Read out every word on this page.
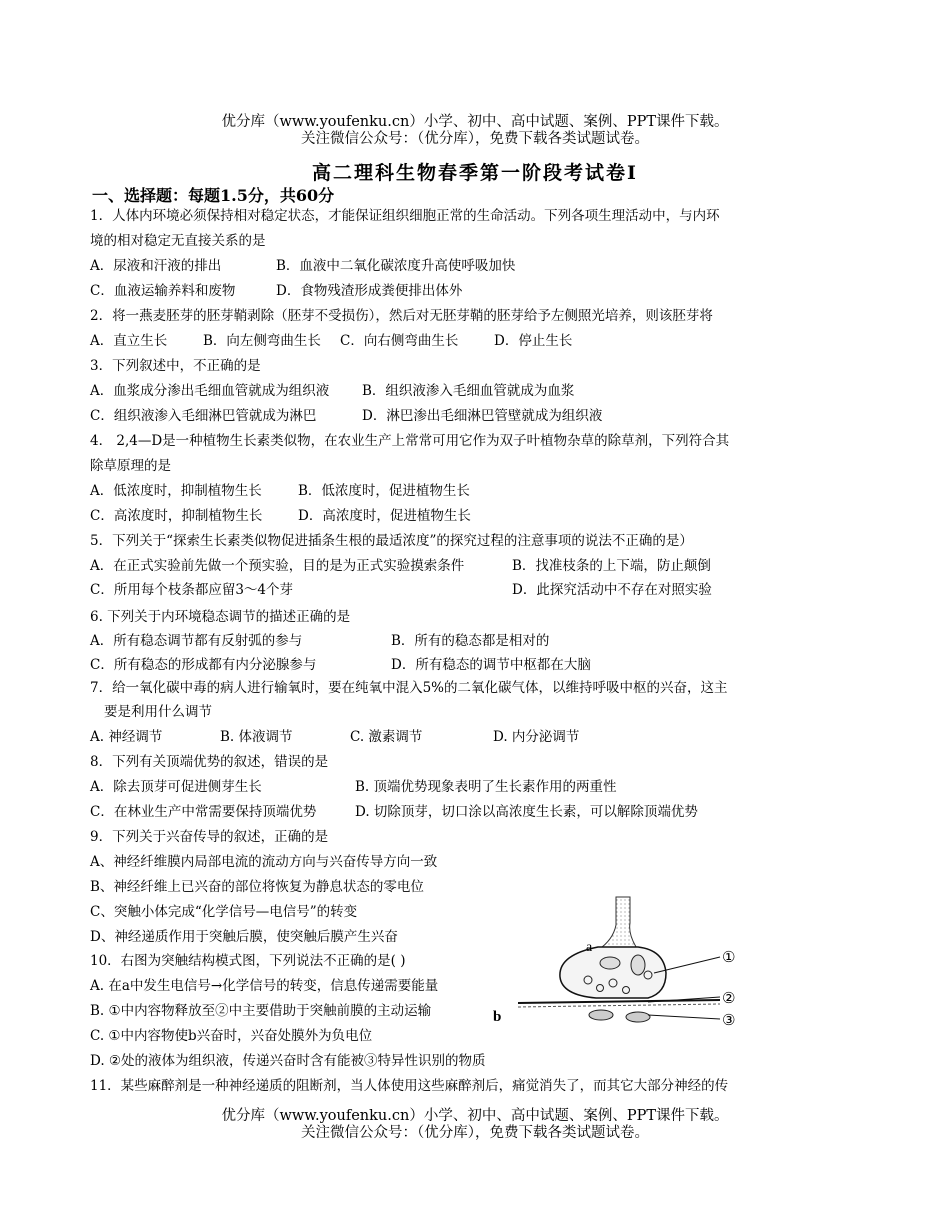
优分库（www.youfenku.cn）小学、初中、高中试题、案例、PPT课件下载。
关注微信公众号：（优分库），免费下载各类试题试卷。
高二理科生物春季第一阶段考试卷Ⅰ
一、选择题：每题1.5分，共60分
1．人体内环境必须保持相对稳定状态，才能保证组织细胞正常的生命活动。下列各项生理活动中，与内环
境的相对稳定无直接关系的是
A．尿液和汗液的排出	B．血液中二氧化碳浓度升高使呼吸加快
C．血液运输养料和废物	D．食物残渣形成粪便排出体外
2．将一燕麦胚芽的胚芽鞘剥除（胚芽不受损伤），然后对无胚芽鞘的胚芽给予左侧照光培养，则该胚芽将
A．直立生长	B．向左侧弯曲生长 C．向右侧弯曲生长	D．停止生长
3．下列叙述中，不正确的是
A．血浆成分渗出毛细血管就成为组织液 B．组织液渗入毛细血管就成为血浆
C．组织液渗入毛细淋巴管就成为淋巴	D．淋巴渗出毛细淋巴管壁就成为组织液
4． 2,4—D是一种植物生长素类似物，在农业生产上常常可用它作为双子叶植物杂草的除草剂，下列符合其
除草原理的是
A．低浓度时，抑制植物生长	B．低浓度时，促进植物生长
C．高浓度时，抑制植物生长	D．高浓度时，促进植物生长
5．下列关于“探索生长素类似物促进插条生根的最适浓度”的探究过程的注意事项的说法不正确的是）
A．在正式实验前先做一个预实验，目的是为正式实验摸索条件	B．找准枝条的上下端，防止颠倒
C．所用每个枝条都应留3～4个芽	D．此探究活动中不存在对照实验
6. 下列关于内环境稳态调节的描述正确的是
A．所有稳态调节都有反射弧的参与	B．所有的稳态都是相对的
C．所有稳态的形成都有内分泌腺参与	D．所有稳态的调节中枢都在大脑
7．给一氧化碳中毒的病人进行输氧时，要在纯氧中混入5%的二氧化碳气体，以维持呼吸中枢的兴奋，这主
要是利用什么调节
A. 神经调节	B. 体液调节	C. 激素调节	D. 内分泌调节
8．下列有关顶端优势的叙述，错误的是
A．除去顶芽可促进侧芽生长	B. 顶端优势现象表明了生长素作用的两重性
C．在林业生产中常需要保持顶端优势	D. 切除顶芽，切口涂以高浓度生长素，可以解除顶端优势
9．下列关于兴奋传导的叙述，正确的是
A、神经纤维膜内局部电流的流动方向与兴奋传导方向一致
B、神经纤维上已兴奋的部位将恢复为静息状态的零电位
C、突触小体完成“化学信号—电信号”的转变
D、神经递质作用于突触后膜，使突触后膜产生兴奋
10．右图为突触结构模式图，下列说法不正确的是( )
A. 在a中发生电信号→化学信号的转变，信息传递需要能量
B. ①中内容物释放至②中主要借助于突触前膜的主动运输
C. ①中内容物使b兴奋时，兴奋处膜外为负电位
D. ②处的液体为组织液，传递兴奋时含有能被③特异性识别的物质
11．某些麻醉剂是一种神经递质的阻断剂，当人体使用这些麻醉剂后，痛觉消失了，而其它大部分神经的传
a
b
①
②
③
优分库（www.youfenku.cn）小学、初中、高中试题、案例、PPT课件下载。
关注微信公众号：（优分库），免费下载各类试题试卷。
